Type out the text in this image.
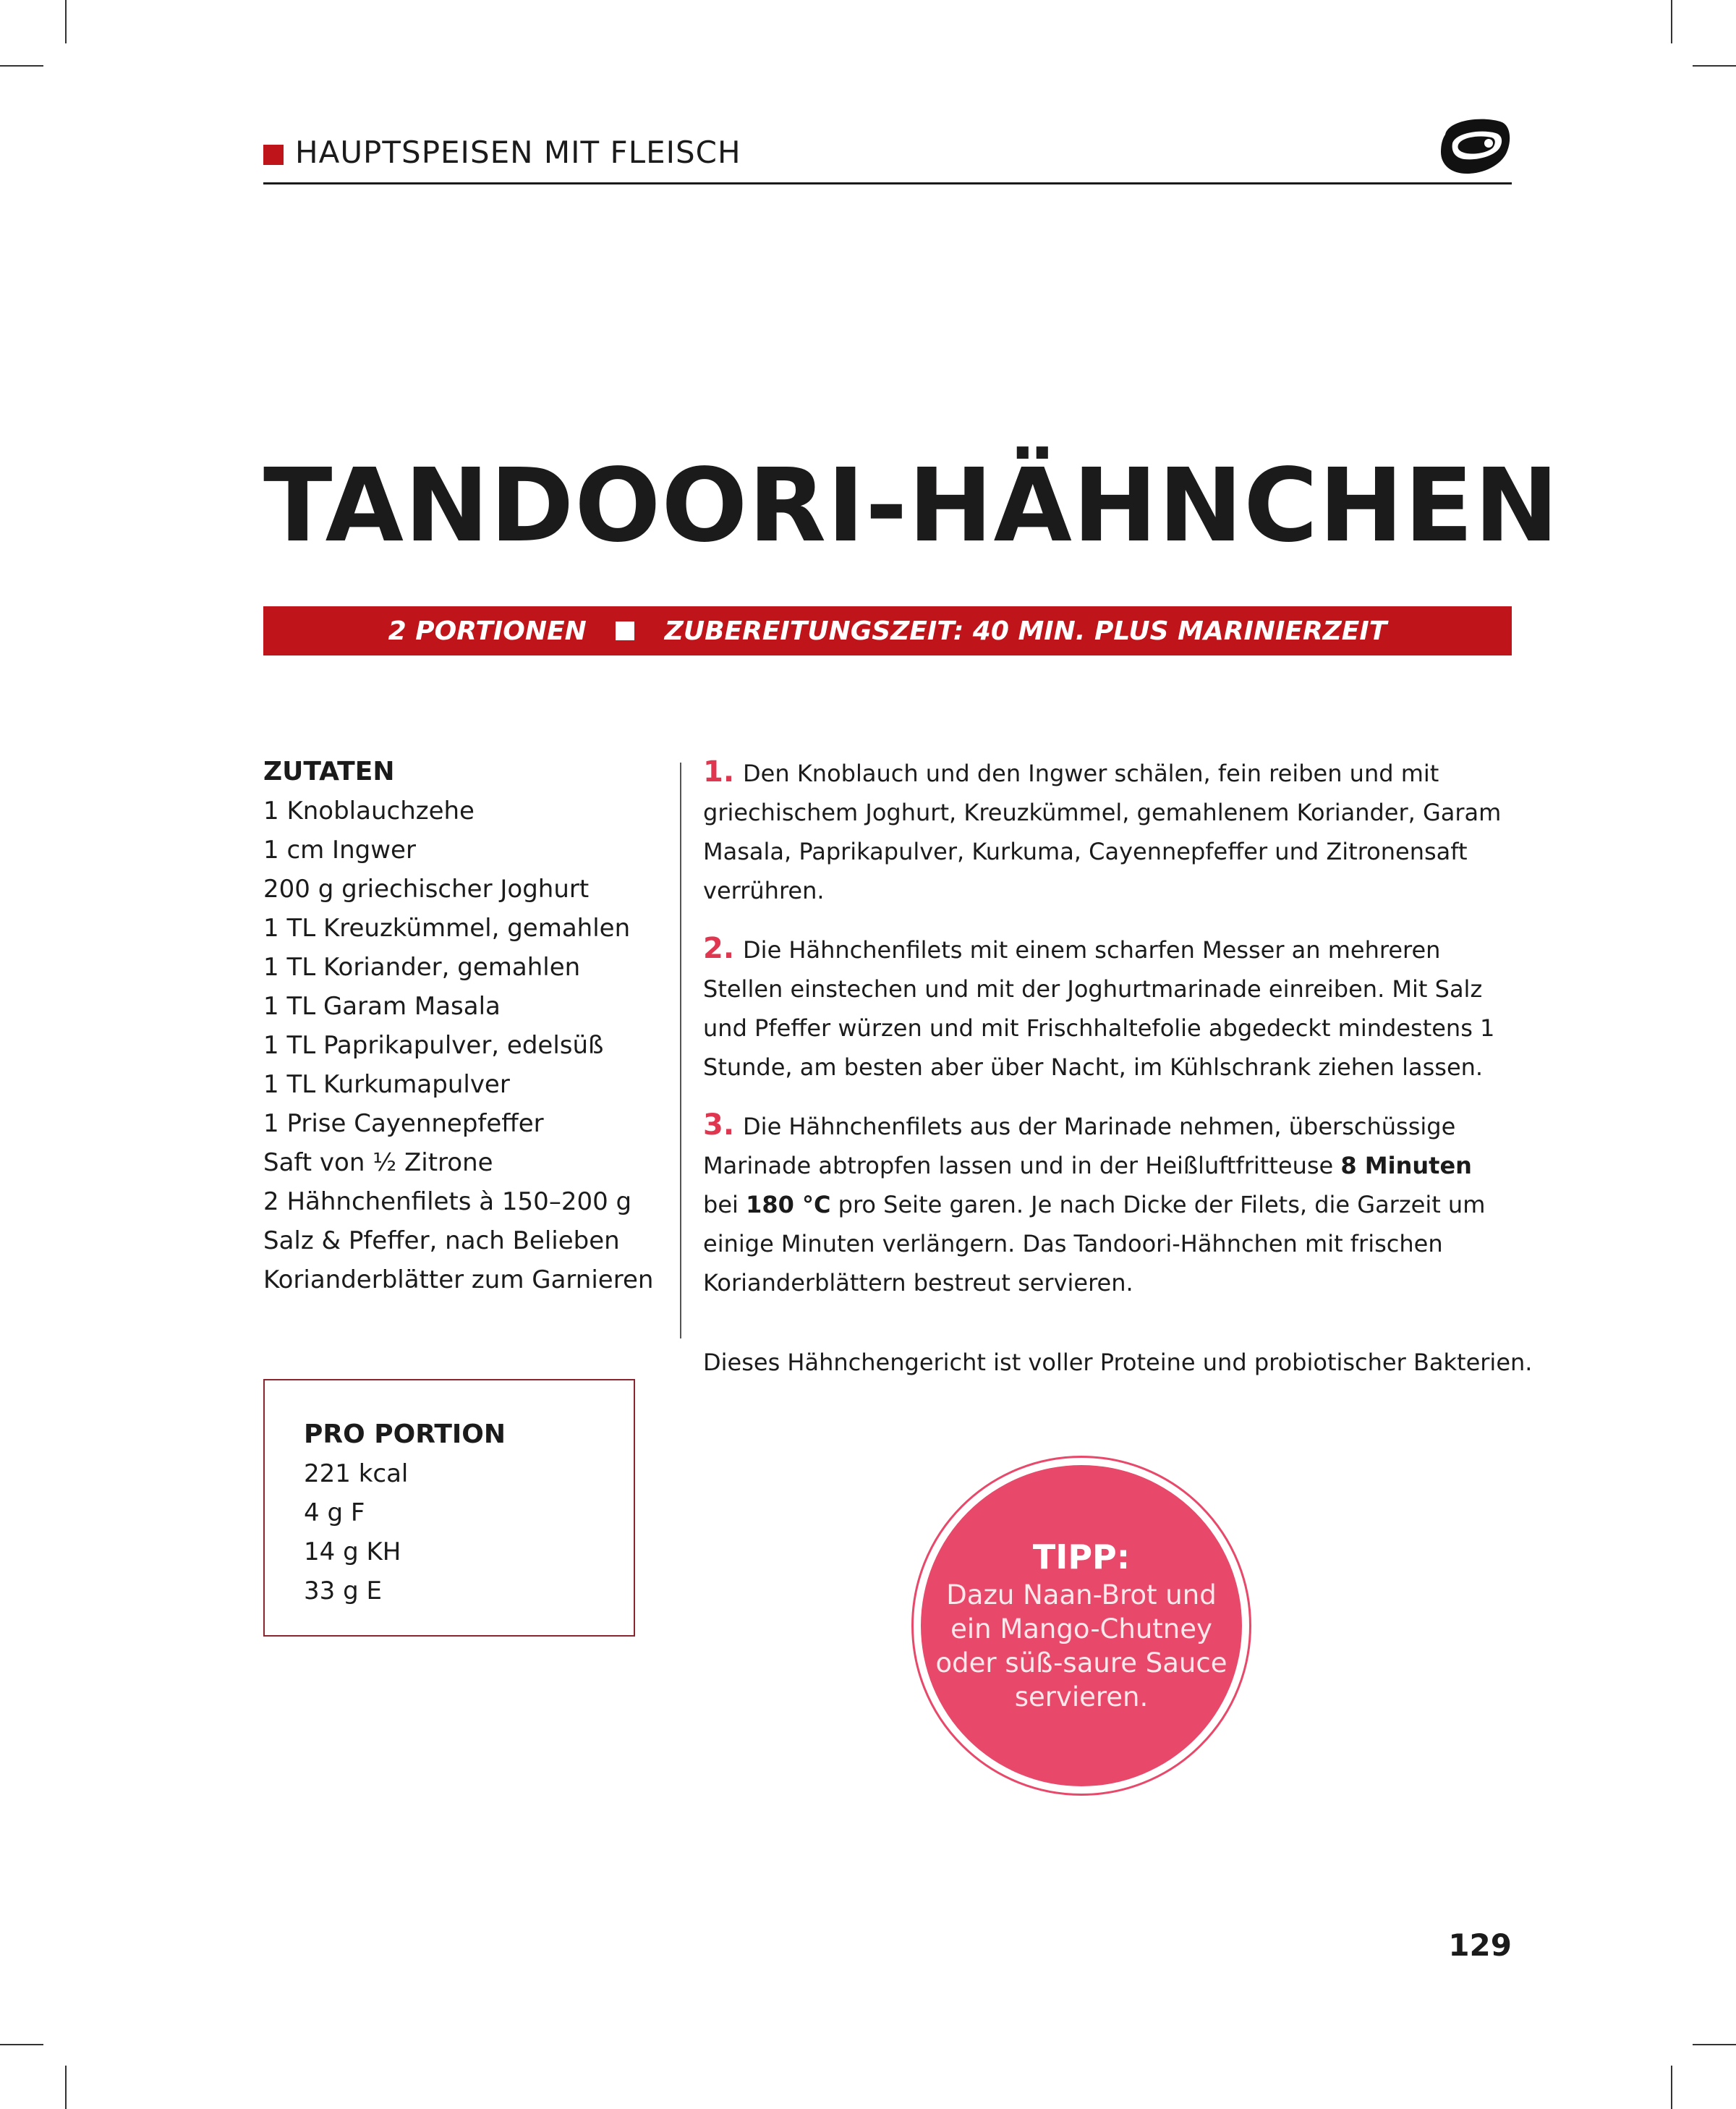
HAUPTSPEISEN MIT FLEISCH
TANDOORI-HÄHNCHEN
2 PORTIONEN	ZUBEREITUNGSZEIT: 40 MIN. PLUS MARINIERZEIT
ZUTATEN
1 Knoblauchzehe
1 cm Ingwer
200 g griechischer Joghurt
1 TL Kreuzkümmel, gemahlen
1 TL Koriander, gemahlen
1 TL Garam Masala
1 TL Paprikapulver, edelsüß
1 TL Kurkumapulver
1 Prise Cayennepfeffer
Saft von ½ Zitrone
2 Hähnchenfilets à 150–200 g
Salz & Pfeffer, nach Belieben
Korianderblätter zum Garnieren

1. Den Knoblauch und den Ingwer schälen, fein reiben und mit griechischem Joghurt, Kreuzkümmel, gemahlenem Koriander, Garam Masala, Paprikapulver, Kurkuma, Cayennepfeffer und Zitronensaft verrühren.

2. Die Hähnchenfilets mit einem scharfen Messer an mehreren Stellen einstechen und mit der Joghurtmarinade einreiben. Mit Salz und Pfeffer würzen und mit Frischhaltefolie abgedeckt mindestens 1 Stunde, am besten aber über Nacht, im Kühlschrank ziehen lassen.

3. Die Hähnchenfilets aus der Marinade nehmen, überschüssige Marinade abtropfen lassen und in der Heißluftfritteuse 8 Minuten bei 180 °C pro Seite garen. Je nach Dicke der Filets, die Garzeit um einige Minuten verlängern. Das Tandoori-Hähnchen mit frischen Korianderblättern bestreut servieren.

Dieses Hähnchengericht ist voller Proteine und probiotischer Bakterien.

PRO PORTION
221 kcal
4 g F
14 g KH
33 g E
TIPP:
Dazu Naan-Brot und
ein Mango-Chutney
oder süß-saure Sauce
servieren.
129
